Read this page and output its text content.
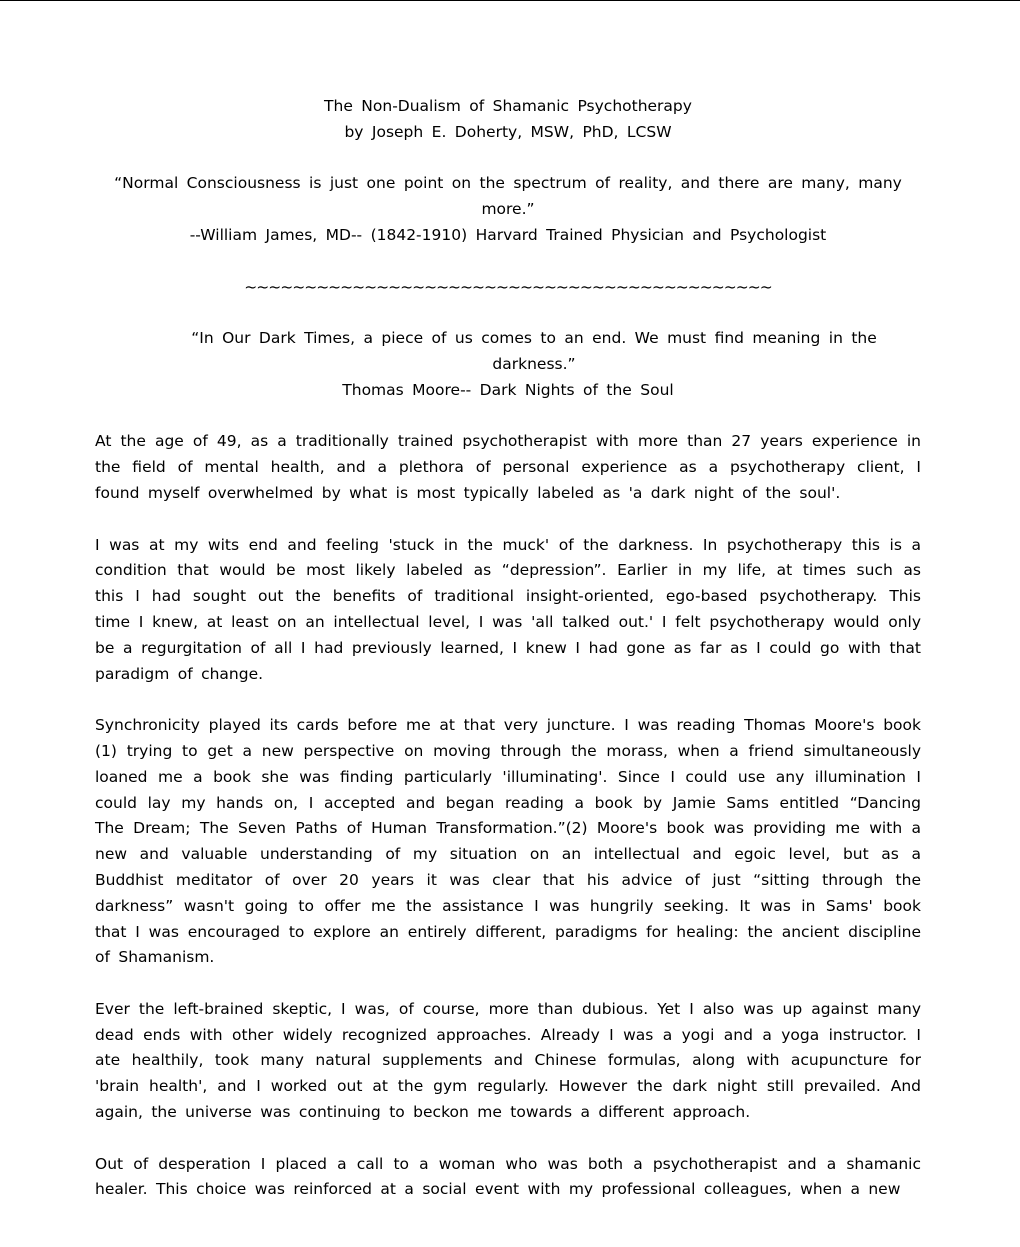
The Non-Dualism of Shamanic Psychotherapy

by Joseph E. Doherty, MSW, PhD, LCSW

“Normal Consciousness is just one point on the spectrum of reality, and there are many, many more.”

--William James, MD-- (1842-1910) Harvard Trained Physician and Psychologist

~~~~~~~~~~~~~~~~~~~~~~~~~~~~~~~~~~~~~~~~~~~~

“In Our Dark Times, a piece of us comes to an end. We must find meaning in the darkness.”

Thomas Moore-- Dark Nights of the Soul

At the age of 49, as a traditionally trained psychotherapist with more than 27 years experience in the field of mental health, and a plethora of personal experience as a psychotherapy client, I found myself overwhelmed by what is most typically labeled as 'a dark night of the soul'.

I was at my wits end and feeling 'stuck in the muck' of the darkness. In psychotherapy this is a condition that would be most likely labeled as “depression”. Earlier in my life, at times such as this I had sought out the benefits of traditional insight-oriented, ego-based psychotherapy. This time I knew, at least on an intellectual level, I was 'all talked out.' I felt psychotherapy would only be a regurgitation of all I had previously learned, I knew I had gone as far as I could go with that paradigm of change.

Synchronicity played its cards before me at that very juncture. I was reading Thomas Moore's book (1) trying to get a new perspective on moving through the morass, when a friend simultaneously loaned me a book she was finding particularly 'illuminating'. Since I could use any illumination I could lay my hands on, I accepted and began reading a book by Jamie Sams entitled “Dancing The Dream; The Seven Paths of Human Transformation.”(2) Moore's book was providing me with a new and valuable understanding of my situation on an intellectual and egoic level, but as a Buddhist meditator of over 20 years it was clear that his advice of just “sitting through the darkness” wasn't going to offer me the assistance I was hungrily seeking. It was in Sams' book that I was encouraged to explore an entirely different, paradigms for healing: the ancient discipline of Shamanism.

Ever the left-brained skeptic, I was, of course, more than dubious. Yet I also was up against many dead ends with other widely recognized approaches. Already I was a yogi and a yoga instructor. I ate healthily, took many natural supplements and Chinese formulas, along with acupuncture for 'brain health', and I worked out at the gym regularly. However the dark night still prevailed. And again, the universe was continuing to beckon me towards a different approach.

Out of desperation I placed a call to a woman who was both a psychotherapist and a shamanic healer. This choice was reinforced at a social event with my professional colleagues, when a new
